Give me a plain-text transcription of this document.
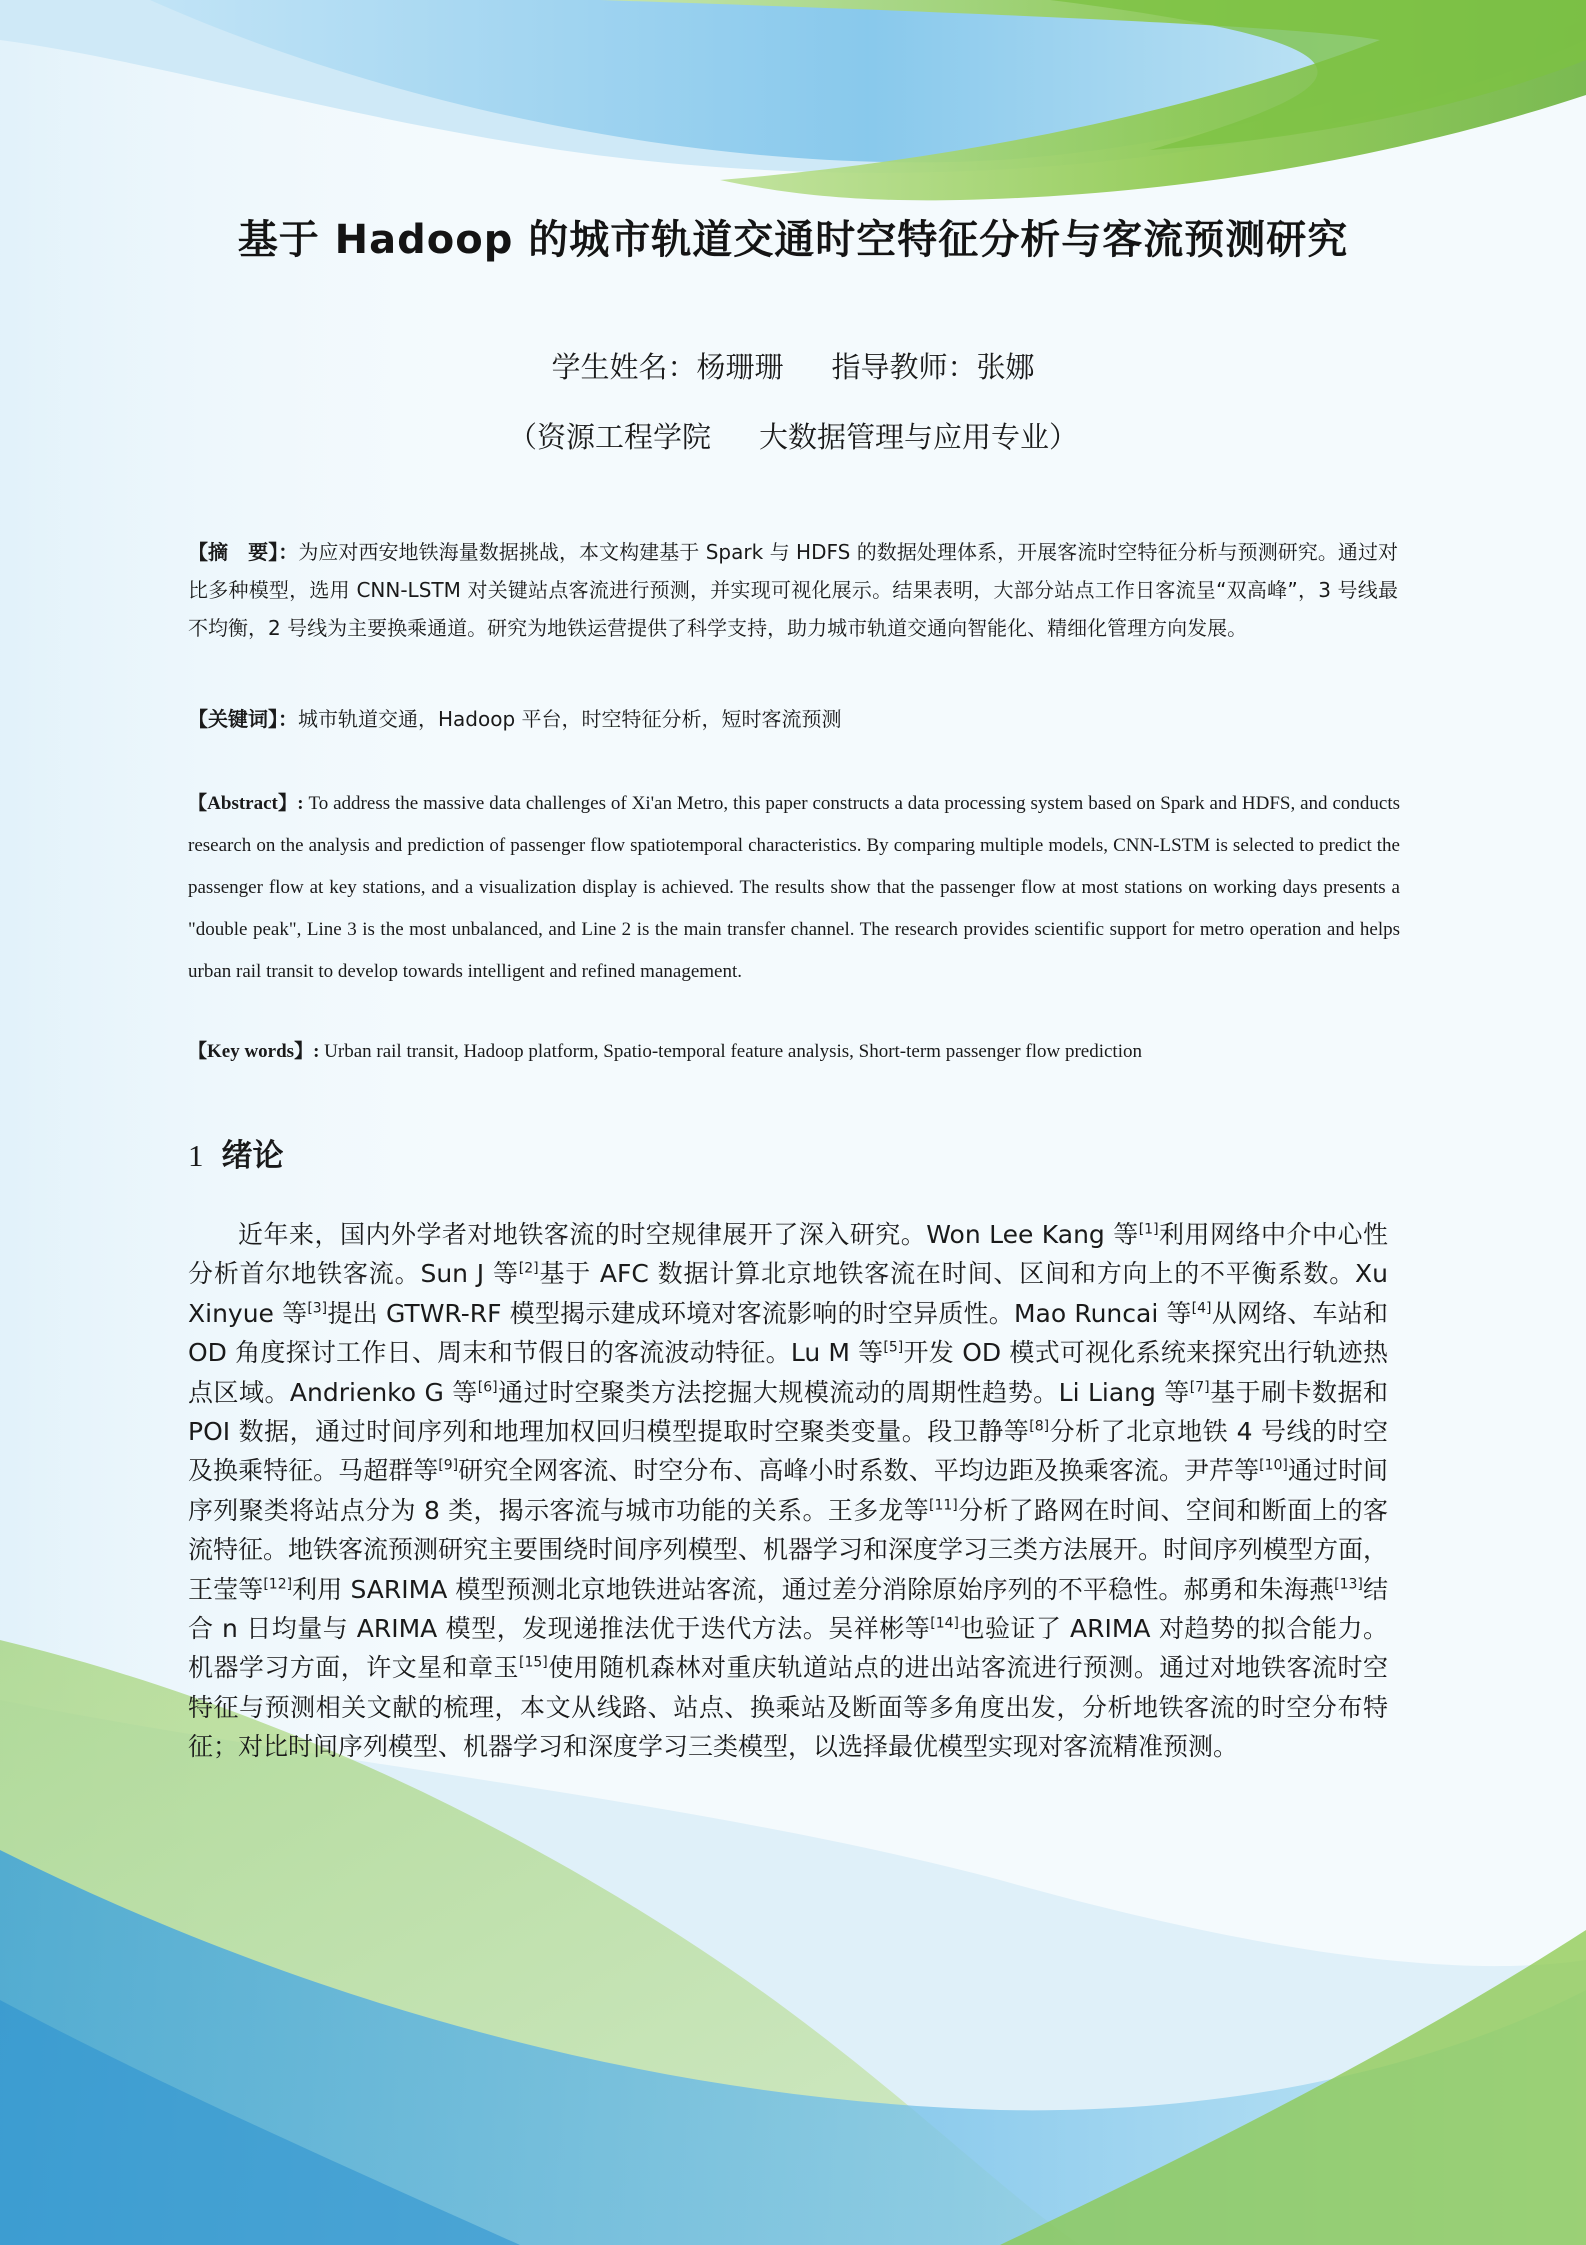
基于 Hadoop 的城市轨道交通时空特征分析与客流预测研究
学生姓名：杨珊珊 指导教师：张娜
（资源工程学院 大数据管理与应用专业）
【摘　要】：为应对西安地铁海量数据挑战，本文构建基于 Spark 与 HDFS 的数据处理体系，开展客流时空特征分析与预测研究。通过对比多种模型，选用 CNN-LSTM 对关键站点客流进行预测，并实现可视化展示。结果表明，大部分站点工作日客流呈“双高峰”，3 号线最不均衡，2 号线为主要换乘通道。研究为地铁运营提供了科学支持，助力城市轨道交通向智能化、精细化管理方向发展。
【关键词】：城市轨道交通，Hadoop 平台，时空特征分析，短时客流预测
【Abstract】: To address the massive data challenges of Xi'an Metro, this paper constructs a data processing system based on Spark and HDFS, and conducts research on the analysis and prediction of passenger flow spatiotemporal characteristics. By comparing multiple models, CNN-LSTM is selected to predict the passenger flow at key stations, and a visualization display is achieved. The results show that the passenger flow at most stations on working days presents a "double peak", Line 3 is the most unbalanced, and Line 2 is the main transfer channel. The research provides scientific support for metro operation and helps urban rail transit to develop towards intelligent and refined management.
【Key words】: Urban rail transit, Hadoop platform, Spatio-temporal feature analysis, Short-term passenger flow prediction
1 绪论
近年来，国内外学者对地铁客流的时空规律展开了深入研究。Won Lee Kang 等[1]利用网络中介中心性分析首尔地铁客流。Sun J 等[2]基于 AFC 数据计算北京地铁客流在时间、区间和方向上的不平衡系数。Xu Xinyue 等[3]提出 GTWR-RF 模型揭示建成环境对客流影响的时空异质性。Mao Runcai 等[4]从网络、车站和 OD 角度探讨工作日、周末和节假日的客流波动特征。Lu M 等[5]开发 OD 模式可视化系统来探究出行轨迹热点区域。Andrienko G 等[6]通过时空聚类方法挖掘大规模流动的周期性趋势。Li Liang 等[7]基于刷卡数据和 POI 数据，通过时间序列和地理加权回归模型提取时空聚类变量。段卫静等[8]分析了北京地铁 4 号线的时空及换乘特征。马超群等[9]研究全网客流、时空分布、高峰小时系数、平均边距及换乘客流。尹芹等[10]通过时间序列聚类将站点分为 8 类，揭示客流与城市功能的关系。王多龙等[11]分析了路网在时间、空间和断面上的客流特征。地铁客流预测研究主要围绕时间序列模型、机器学习和深度学习三类方法展开。时间序列模型方面，王莹等[12]利用 SARIMA 模型预测北京地铁进站客流，通过差分消除原始序列的不平稳性。郝勇和朱海燕[13]结合 n 日均量与 ARIMA 模型，发现递推法优于迭代方法。吴祥彬等[14]也验证了 ARIMA 对趋势的拟合能力。机器学习方面，许文星和章玉[15]使用随机森林对重庆轨道站点的进出站客流进行预测。通过对地铁客流时空特征与预测相关文献的梳理，本文从线路、站点、换乘站及断面等多角度出发，分析地铁客流的时空分布特征；对比时间序列模型、机器学习和深度学习三类模型，以选择最优模型实现对客流精准预测。
